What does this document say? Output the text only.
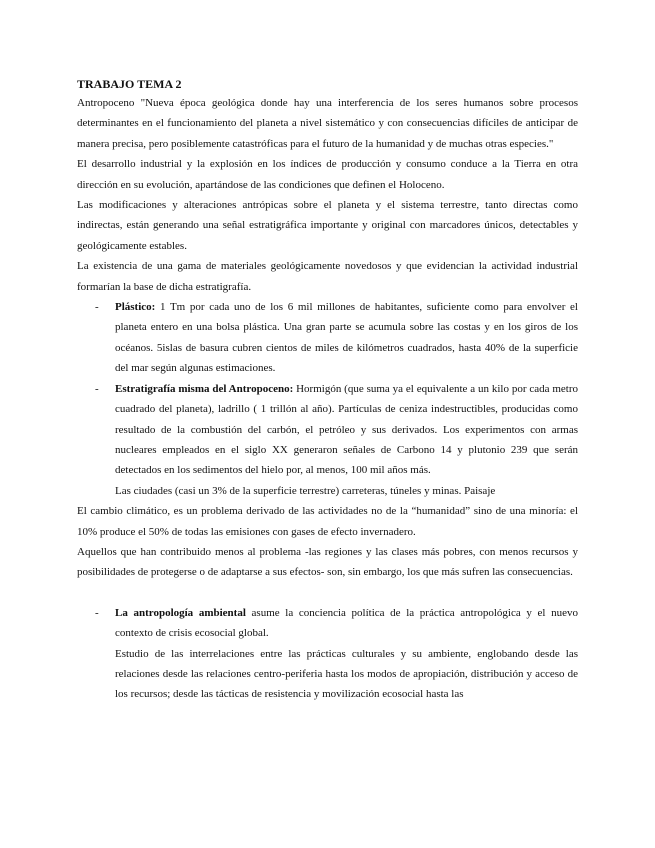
TRABAJO TEMA 2

Antropoceno "Nueva época geológica donde hay una interferencia de los seres humanos sobre procesos determinantes en el funcionamiento del planeta a nivel sistemático y con consecuencias difíciles de anticipar de manera precisa, pero posiblemente catastróficas para el futuro de la humanidad y de muchas otras especies."

El desarrollo industrial y la explosión en los índices de producción y consumo conduce a la Tierra en otra dirección en su evolución, apartándose de las condiciones que definen el Holoceno.

Las modificaciones y alteraciones antrópicas sobre el planeta y el sistema terrestre, tanto directas como indirectas, están generando una señal estratigráfica importante y original con marcadores únicos, detectables y geológicamente estables.

La existencia de una gama de materiales geológicamente novedosos y que evidencian la actividad industrial formarían la base de dicha estratigrafía.

- Plástico: 1 Tm por cada uno de los 6 mil millones de habitantes, suficiente como para envolver el planeta entero en una bolsa plástica. Una gran parte se acumula sobre las costas y en los giros de los océanos. 5islas de basura cubren cientos de miles de kilómetros cuadrados, hasta 40% de la superficie del mar según algunas estimaciones.
- Estratigrafía misma del Antropoceno: Hormigón (que suma ya el equivalente a un kilo por cada metro cuadrado del planeta), ladrillo ( 1 trillón al año). Partículas de ceniza indestructibles, producidas como resultado de la combustión del carbón, el petróleo y sus derivados. Los experimentos con armas nucleares empleados en el siglo XX generaron señales de Carbono 14 y plutonio 239 que serán detectados en los sedimentos del hielo por, al menos, 100 mil años más.
Las ciudades (casi un 3% de la superficie terrestre) carreteras, túneles y minas. Paisaje

El cambio climático, es un problema derivado de las actividades no de la “humanidad” sino de una minoría: el 10% produce el 50% de todas las emisiones con gases de efecto invernadero.

Aquellos que han contribuido menos al problema -las regiones y las clases más pobres, con menos recursos y posibilidades de protegerse o de adaptarse a sus efectos- son, sin embargo, los que más sufren las consecuencias.

- La antropología ambiental asume la conciencia política de la práctica antropológica y el nuevo contexto de crisis ecosocial global.
Estudio de las interrelaciones entre las prácticas culturales y su ambiente, englobando desde las relaciones desde las relaciones centro-periferia hasta los modos de apropiación, distribución y acceso de los recursos; desde las tácticas de resistencia y movilización ecosocial hasta las
